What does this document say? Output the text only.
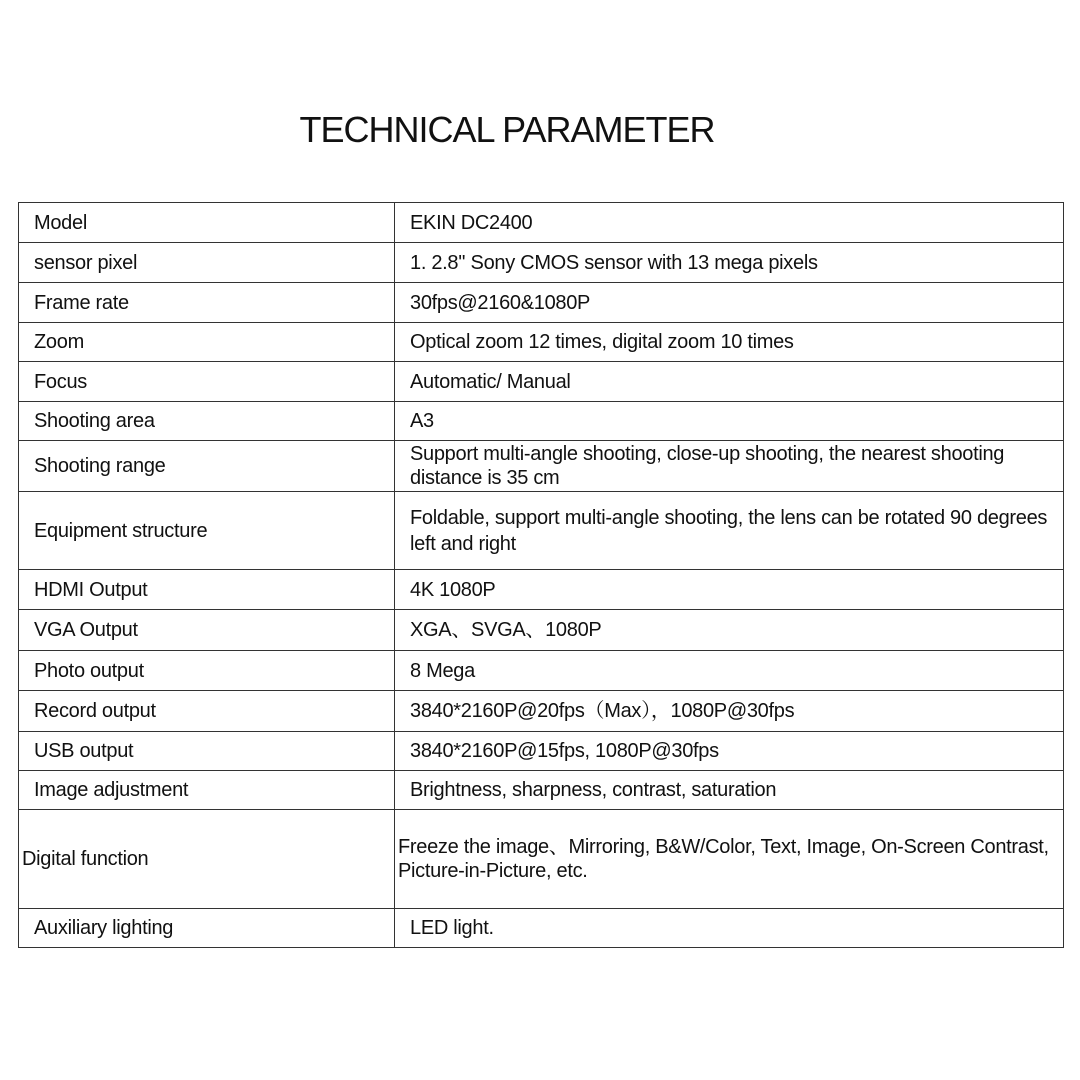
TECHNICAL PARAMETER
Model	EKIN DC2400
sensor pixel	1. 2.8'' Sony CMOS sensor with 13 mega pixels
Frame rate	30fps@2160&1080P
Zoom	Optical zoom 12 times, digital zoom 10 times
Focus	Automatic/ Manual
Shooting area	A3
Shooting range	Support multi-angle shooting, close-up shooting, the nearest shooting distance is 35 cm
Equipment structure	Foldable, support multi-angle shooting, the lens can be rotated 90 degrees left and right
HDMI Output	4K 1080P
VGA Output	XGA、SVGA、1080P
Photo output	8 Mega
Record output	3840*2160P@20fps（Max），1080P@30fps
USB output	3840*2160P@15fps, 1080P@30fps
Image adjustment	Brightness, sharpness, contrast, saturation
Digital function	Freeze the image、Mirroring, B&W/Color, Text, Image, On-Screen Contrast, Picture-in-Picture, etc.
Auxiliary lighting	LED light.
